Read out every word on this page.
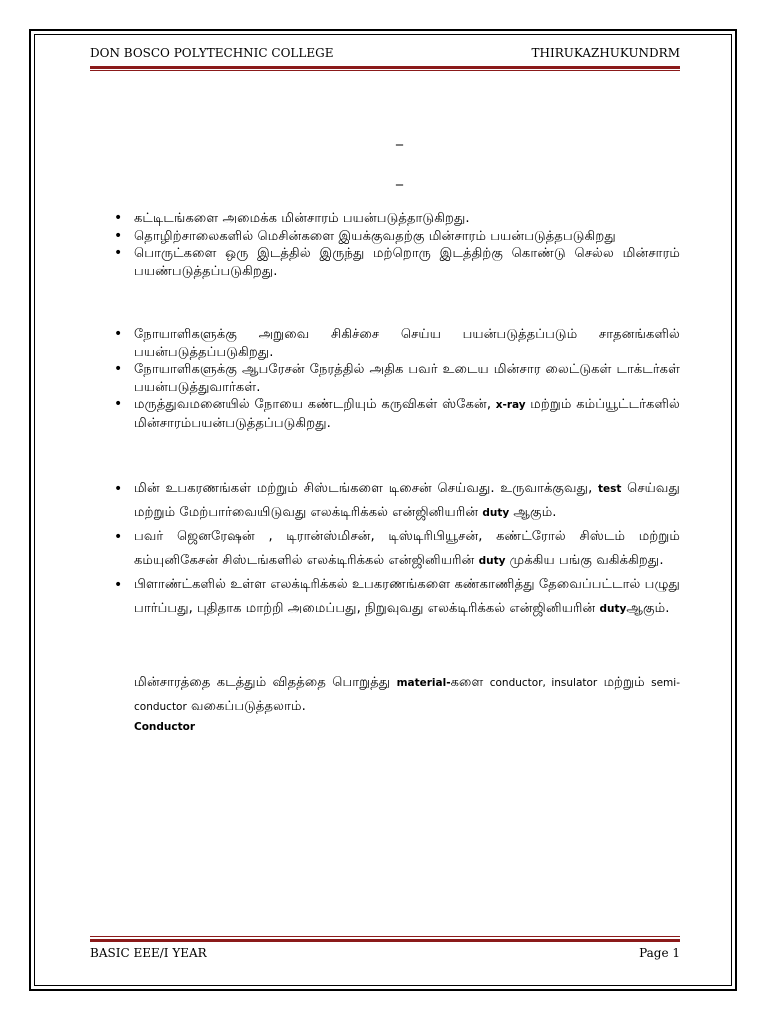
DON BOSCO POLYTECHNIC COLLEGE	THIRUKAZHUKUNDRM
_
_
• கட்டிடங்களை அமைக்க மின்சாரம் பயன்படுத்தாடுகிறது.
• தொழிற்சாலைகளில் மெசின்களை இயக்குவதற்கு மின்சாரம் பயன்படுத்தபடுகிறது
• பொருட்களை ஒரு இடத்தில் இருந்து மற்றொரு இடத்திற்கு கொண்டு செல்ல மின்சாரம் பயண்படுத்தப்படுகிறது.
• நோயாளிகளுக்கு அறுவை சிகிச்சை செய்ய பயன்படுத்தப்படும் சாதனங்களில் பயன்படுத்தப்படுகிறது.
• நோயாளிகளுக்கு ஆபரேசன் நேரத்தில் அதிக பவர் உடைய மின்சார லைட்டுகள் டாக்டர்கள் பயன்படுத்துவார்கள்.
• மருத்துவமனையில் நோயை கண்டறியும் கருவிகள் ஸ்கேன், x-ray மற்றும் கம்ப்யூட்டர்களில் மின்சாரம்பயன்படுத்தப்படுகிறது.
• மின் உபகரணங்கள் மற்றும் சிஸ்டங்களை டிசைன் செய்வது. உருவாக்குவது, test செய்வது மற்றும் மேற்பார்வையிடுவது எலக்டிரிக்கல் என்ஜினியரின் duty ஆகும்.
• பவர் ஜெனரேஷன் , டிரான்ஸ்மிசன், டிஸ்டிரிபியூசன், கண்ட்ரோல் சிஸ்டம் மற்றும் கம்யுனிகேசன் சிஸ்டங்களில் எலக்டிரிக்கல் என்ஜினியரின் duty முக்கிய பங்கு வகிக்கிறது.
• பிளாண்ட்களில் உள்ள எலக்டிரிக்கல் உபகரணங்களை கண்காணித்து தேவைப்பட்டால் பழுது பார்ப்பது, புதிதாக மாற்றி அமைப்பது, நிறுவுவது எலக்டிரிக்கல் என்ஜினியரின் dutyஆகும்.

மின்சாரத்தை கடத்தும் விதத்தை பொறுத்து material-களை conductor, insulator மற்றும் semi-conductor வகைப்படுத்தலாம்.

Conductor
BASIC EEE/I YEAR	Page 1
